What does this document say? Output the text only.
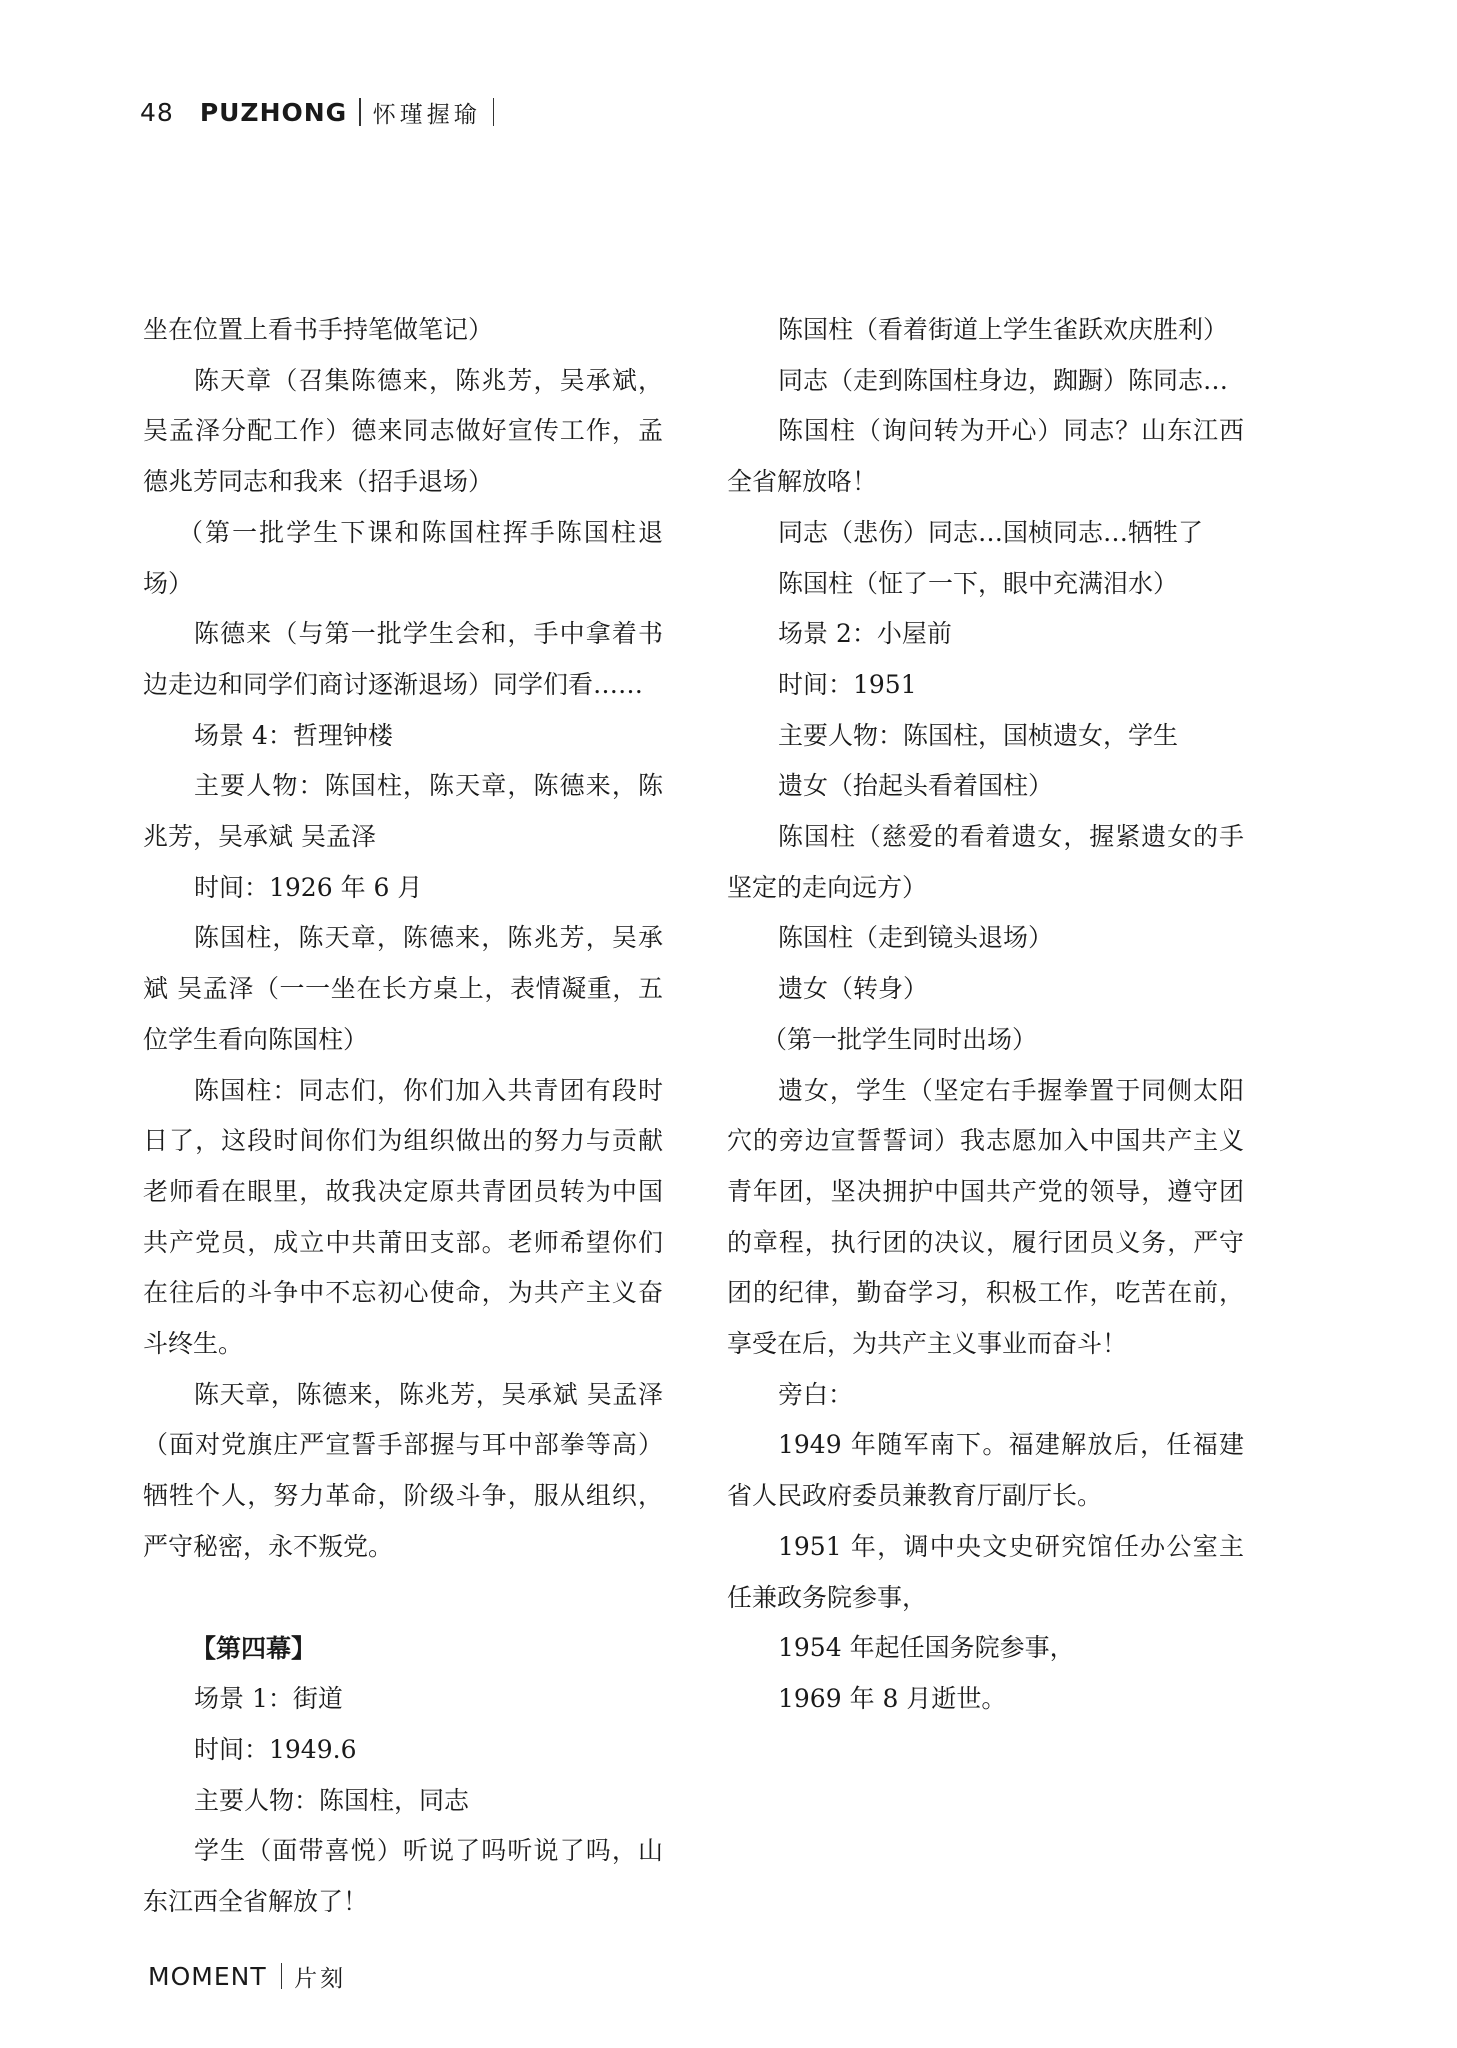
48 PUZHONG 怀瑾握瑜

坐在位置上看书手持笔做笔记）

陈天章（召集陈德来，陈兆芳，吴承斌，吴孟泽分配工作）德来同志做好宣传工作，孟德兆芳同志和我来（招手退场）

（第一批学生下课和陈国柱挥手陈国柱退场）

陈德来（与第一批学生会和，手中拿着书边走边和同学们商讨逐渐退场）同学们看……

场景 4：哲理钟楼

主要人物：陈国柱，陈天章，陈德来，陈兆芳，吴承斌 吴孟泽

时间：1926 年 6 月

陈国柱，陈天章，陈德来，陈兆芳，吴承斌 吴孟泽（一一坐在长方桌上，表情凝重，五位学生看向陈国柱）

陈国柱：同志们，你们加入共青团有段时日了，这段时间你们为组织做出的努力与贡献老师看在眼里，故我决定原共青团员转为中国共产党员，成立中共莆田支部。老师希望你们在往后的斗争中不忘初心使命，为共产主义奋斗终生。

陈天章，陈德来，陈兆芳，吴承斌 吴孟泽（面对党旗庄严宣誓手部握与耳中部拳等高）牺牲个人，努力革命，阶级斗争，服从组织，严守秘密，永不叛党。

【第四幕】

场景 1：街道

时间：1949.6

主要人物：陈国柱，同志

学生（面带喜悦）听说了吗听说了吗，山东江西全省解放了！

陈国柱（看着街道上学生雀跃欢庆胜利）

同志（走到陈国柱身边，踟蹰）陈同志…

陈国柱（询问转为开心）同志？山东江西全省解放咯！

同志（悲伤）同志…国桢同志…牺牲了

陈国柱（怔了一下，眼中充满泪水）

场景 2：小屋前

时间：1951

主要人物：陈国柱，国桢遗女，学生

遗女（抬起头看着国柱）

陈国柱（慈爱的看着遗女，握紧遗女的手坚定的走向远方）

陈国柱（走到镜头退场）

遗女（转身）

（第一批学生同时出场）

遗女，学生（坚定右手握拳置于同侧太阳穴的旁边宣誓誓词）我志愿加入中国共产主义青年团，坚决拥护中国共产党的领导，遵守团的章程，执行团的决议，履行团员义务，严守团的纪律，勤奋学习，积极工作，吃苦在前，享受在后，为共产主义事业而奋斗！

旁白：

1949 年随军南下。福建解放后，任福建省人民政府委员兼教育厅副厅长。

1951 年，调中央文史研究馆任办公室主任兼政务院参事，

1954 年起任国务院参事，

1969 年 8 月逝世。

MOMENT 片刻
